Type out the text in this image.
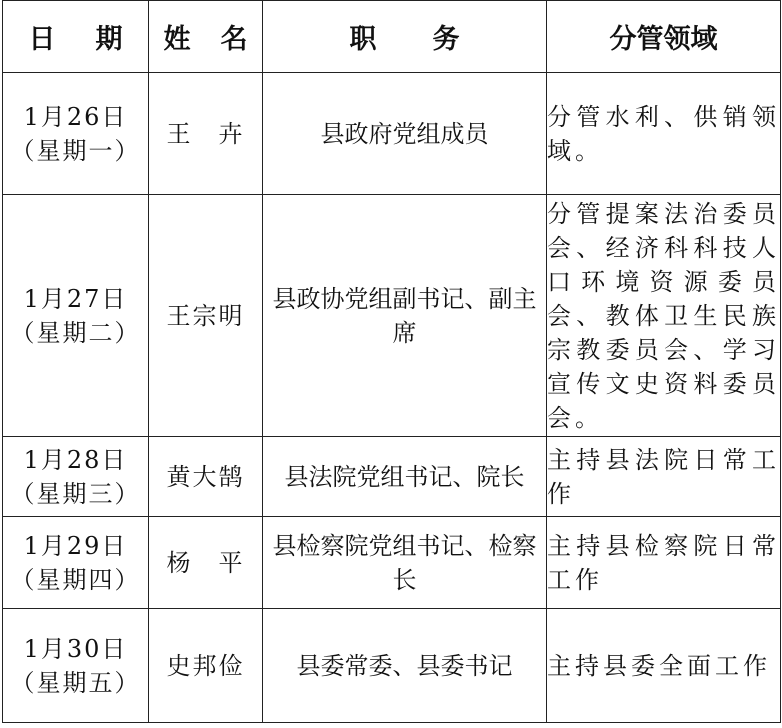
日 期	姓 名	职 务	分管领域

1月26日
（星期一）	王 卉	县政府党组成员	分管水利、供销领域。

1月27日
（星期二）	王宗明	县政协党组副书记、副主席	分管提案法治委员会、经济科科技人口环境资源委员会、教体卫生民族宗教委员会、学习宣传文史资料委员会。

1月28日
（星期三）	黄大鹄	县法院党组书记、院长	主持县法院日常工作

1月29日
（星期四）	杨 平	县检察院党组书记、检察长	主持县检察院日常工作

1月30日
（星期五）	史邦俭	县委常委、县委书记	主持县委全面工作
